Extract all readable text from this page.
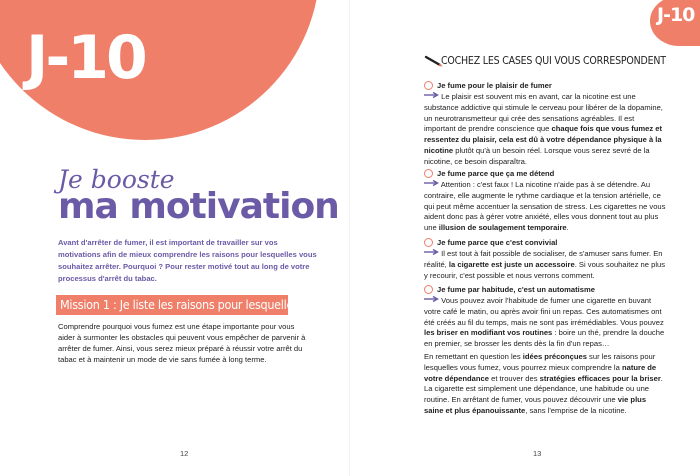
J-10
Je booste
ma motivation

Avant d'arrêter de fumer, il est important de travailler sur vos motivations afin de mieux comprendre les raisons pour lesquelles vous souhaitez arrêter. Pourquoi ? Pour rester motivé tout au long de votre processus d'arrêt du tabac.

Mission 1 : Je liste les raisons pour lesquelles je fume

Comprendre pourquoi vous fumez est une étape importante pour vous aider à surmonter les obstacles qui peuvent vous empêcher de parvenir à arrêter de fumer. Ainsi, vous serez mieux préparé à réussir votre arrêt du tabac et à maintenir un mode de vie sans fumée à long terme.

12
J-10
COCHEZ LES CASES QUI VOUS CORRESPONDENT
Je fume pour le plaisir de fumer

Le plaisir est souvent mis en avant, car la nicotine est une substance addictive qui stimule le cerveau pour libérer de la dopamine, un neurotransmetteur qui crée des sensations agréables. Il est important de prendre conscience que chaque fois que vous fumez et ressentez du plaisir, cela est dû à votre dépendance physique à la nicotine plutôt qu'à un besoin réel. Lorsque vous serez sevré de la nicotine, ce besoin disparaîtra.

Je fume parce que ça me détend

Attention : c'est faux ! La nicotine n'aide pas à se détendre. Au contraire, elle augmente le rythme cardiaque et la tension artérielle, ce qui peut même accentuer la sensation de stress. Les cigarettes ne vous aident donc pas à gérer votre anxiété, elles vous donnent tout au plus une illusion de soulagement temporaire.

Je fume parce que c'est convivial

Il est tout à fait possible de socialiser, de s'amuser sans fumer. En réalité, la cigarette est juste un accessoire. Si vous souhaitez ne plus y recourir, c'est possible et nous verrons comment.

Je fume par habitude, c'est un automatisme

Vous pouvez avoir l'habitude de fumer une cigarette en buvant votre café le matin, ou après avoir fini un repas. Ces automatismes ont été créés au fil du temps, mais ne sont pas irrémédiables. Vous pouvez les briser en modifiant vos routines : boire un thé, prendre la douche en premier, se brosser les dents dès la fin d'un repas…

En remettant en question les idées préconçues sur les raisons pour lesquelles vous fumez, vous pourrez mieux comprendre la nature de votre dépendance et trouver des stratégies efficaces pour la briser. La cigarette est simplement une dépendance, une habitude ou une routine. En arrêtant de fumer, vous pouvez découvrir une vie plus saine et plus épanouissante, sans l'emprise de la nicotine.

13
